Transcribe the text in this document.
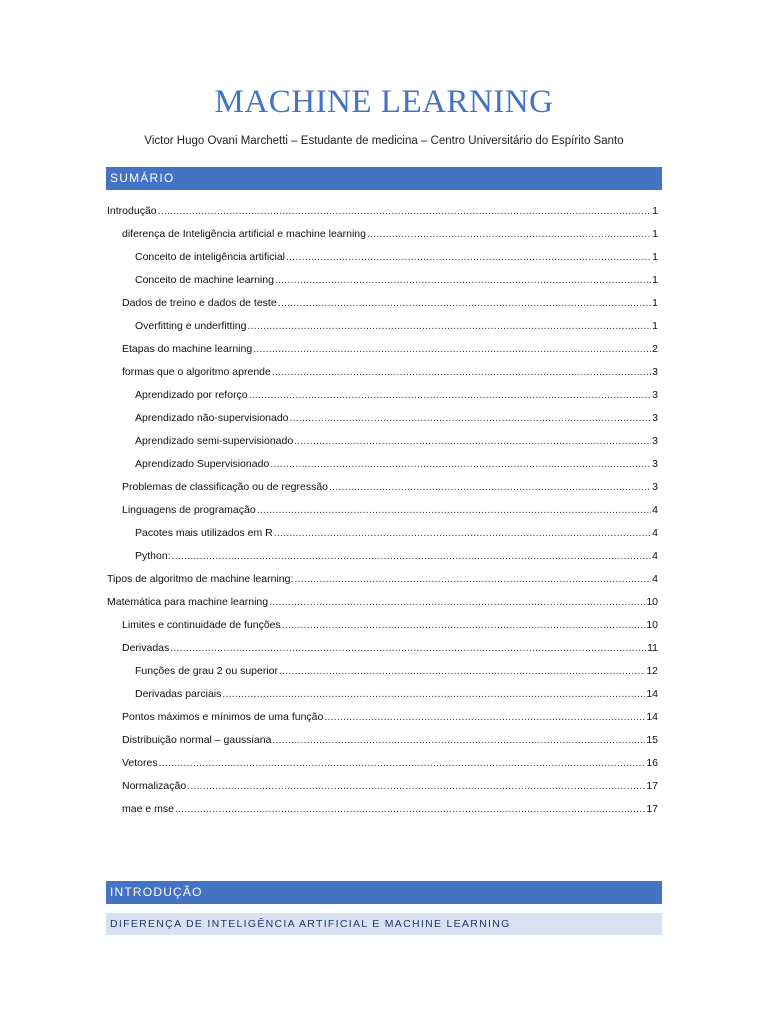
MACHINE LEARNING
Victor Hugo Ovani Marchetti – Estudante de medicina – Centro Universitário do Espírito Santo
SUMÁRIO
Introdução .....	1
diferença de Inteligência artificial e machine learning .....	1
Conceito de inteligência artificial .....	1
Conceito de machine learning .....	1
Dados de treino e dados de teste .....	1
Overfitting e underfitting .....	1
Etapas do machine learning .....	2
formas que o algoritmo aprende .....	3
Aprendizado por reforço .....	3
Aprendizado não-supervisionado .....	3
Aprendizado semi-supervisionado .....	3
Aprendizado Supervisionado .....	3
Problemas de classificação ou de regressão .....	3
Linguagens de programação .....	4
Pacotes mais utilizados em R .....	4
Python: .....	4
Tipos de algoritmo de machine learning: .....	4
Matemática para machine learning .....	10
Limites e continuidade de funções .....	10
Derivadas .....	11
Funções de grau 2 ou superior .....	12
Derivadas parciais .....	14
Pontos máximos e mínimos de uma função .....	14
Distribuição normal – gaussiana .....	15
Vetores .....	16
Normalização .....	17
mae e mse .....	17
INTRODUÇÃO
DIFERENÇA DE INTELIGÊNCIA ARTIFICIAL E MACHINE LEARNING
